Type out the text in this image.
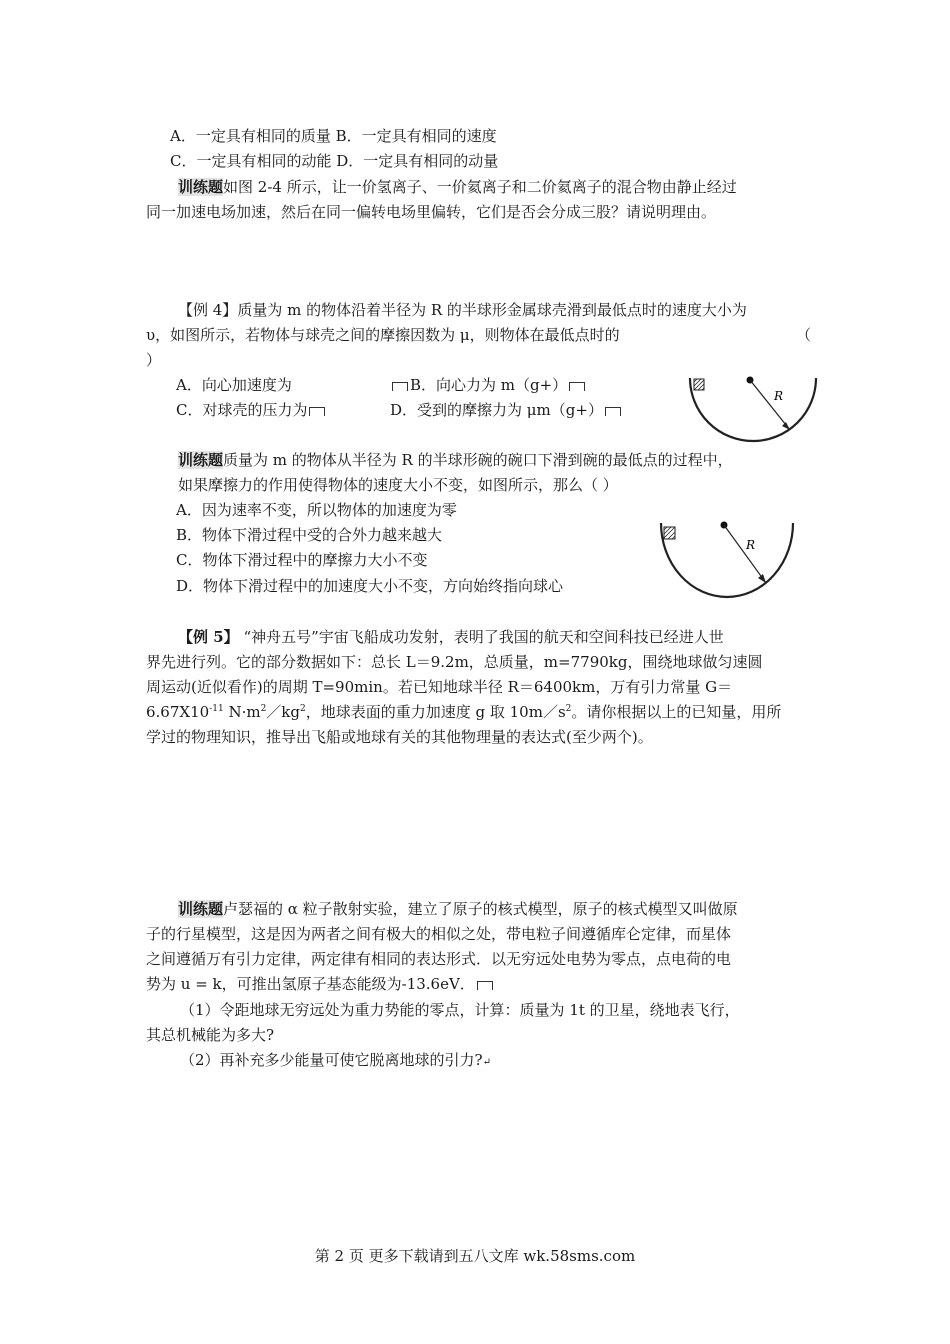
A．一定具有相同的质量 B．一定具有相同的速度
C．一定具有相同的动能 D．一定具有相同的动量
训练题如图 2-4 所示，让一价氢离子、一价氦离子和二价氦离子的混合物由静止经过
同一加速电场加速，然后在同一偏转电场里偏转，它们是否会分成三股？请说明理由。
【例 4】质量为 m 的物体沿着半径为 R 的半球形金属球壳滑到最低点时的速度大小为
υ，如图所示，若物体与球壳之间的摩擦因数为 μ，则物体在最低点时的	（
）
A．向心加速度为	B．向心力为 m（g+）
C．对球壳的压力为	D．受到的摩擦力为 μm（g+）
R
训练题质量为 m 的物体从半径为 R 的半球形碗的碗口下滑到碗的最低点的过程中，
如果摩擦力的作用使得物体的速度大小不变，如图所示，那么（ ）
A．因为速率不变，所以物体的加速度为零
B．物体下滑过程中受的合外力越来越大
C．物体下滑过程中的摩擦力大小不变
D．物体下滑过程中的加速度大小不变，方向始终指向球心
R
【例 5】 “神舟五号”宇宙飞船成功发射，表明了我国的航天和空间科技已经进人世
界先进行列。它的部分数据如下：总长 L＝9.2m，总质量，m=7790kg，围绕地球做匀速圆
周运动(近似看作)的周期 T=90min。若已知地球半径 R＝6400km，万有引力常量 G＝
$6.67X10^{-11}$ $N\cdot m^2/kg^2$，地球表面的重力加速度 g 取 $10m/s^2$。请你根据以上的已知量，用所
学过的物理知识，推导出飞船或地球有关的其他物理量的表达式(至少两个)。
训练题卢瑟福的 α 粒子散射实验，建立了原子的核式模型，原子的核式模型又叫做原
子的行星模型，这是因为两者之间有极大的相似之处，带电粒子间遵循库仑定律，而星体
之间遵循万有引力定律，两定律有相同的表达形式．以无穷远处电势为零点，点电荷的电
势为 u = k，可推出氢原子基态能级为-13.6eV．
（1）令距地球无穷远处为重力势能的零点，计算：质量为 1t 的卫星，绕地表飞行，
其总机械能为多大?
（2）再补充多少能量可使它脱离地球的引力?↵
第 2 页 更多下载请到五八文库 wk.58sms.com
